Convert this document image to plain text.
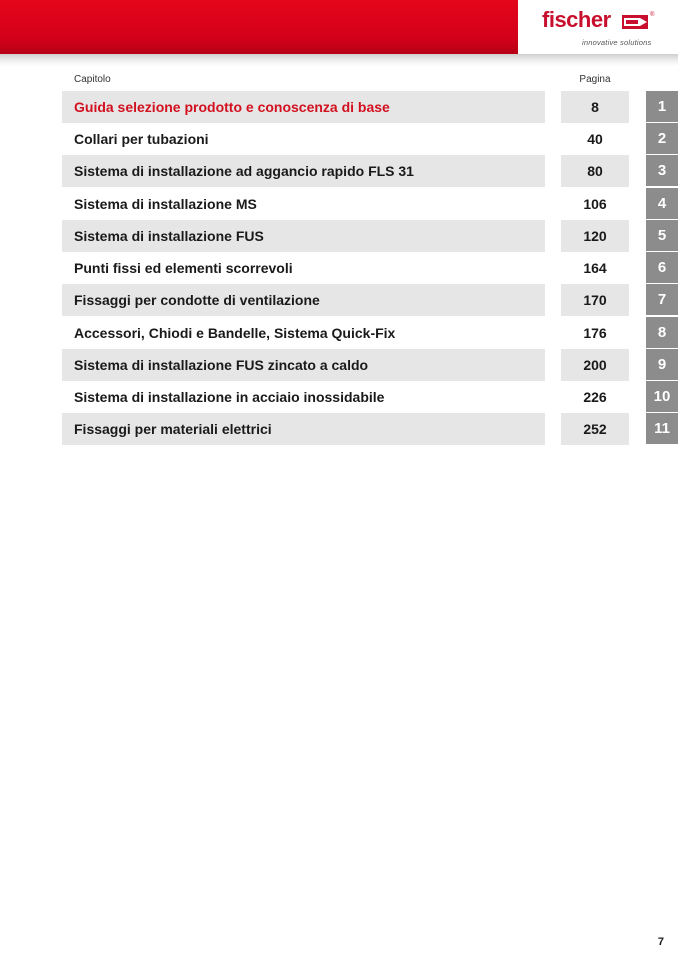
fischer	®
innovative solutions
Capitolo	Pagina
Guida selezione prodotto e conoscenza di base	8	1
Collari per tubazioni	40	2
Sistema di installazione ad aggancio rapido FLS 31	80	3
Sistema di installazione MS	106	4
Sistema di installazione FUS	120	5
Punti fissi ed elementi scorrevoli	164	6
Fissaggi per condotte di ventilazione	170	7
Accessori, Chiodi e Bandelle, Sistema Quick-Fix	176	8
Sistema di installazione FUS zincato a caldo	200	9
Sistema di installazione in acciaio inossidabile	226	10
Fissaggi per materiali elettrici	252	11
7
